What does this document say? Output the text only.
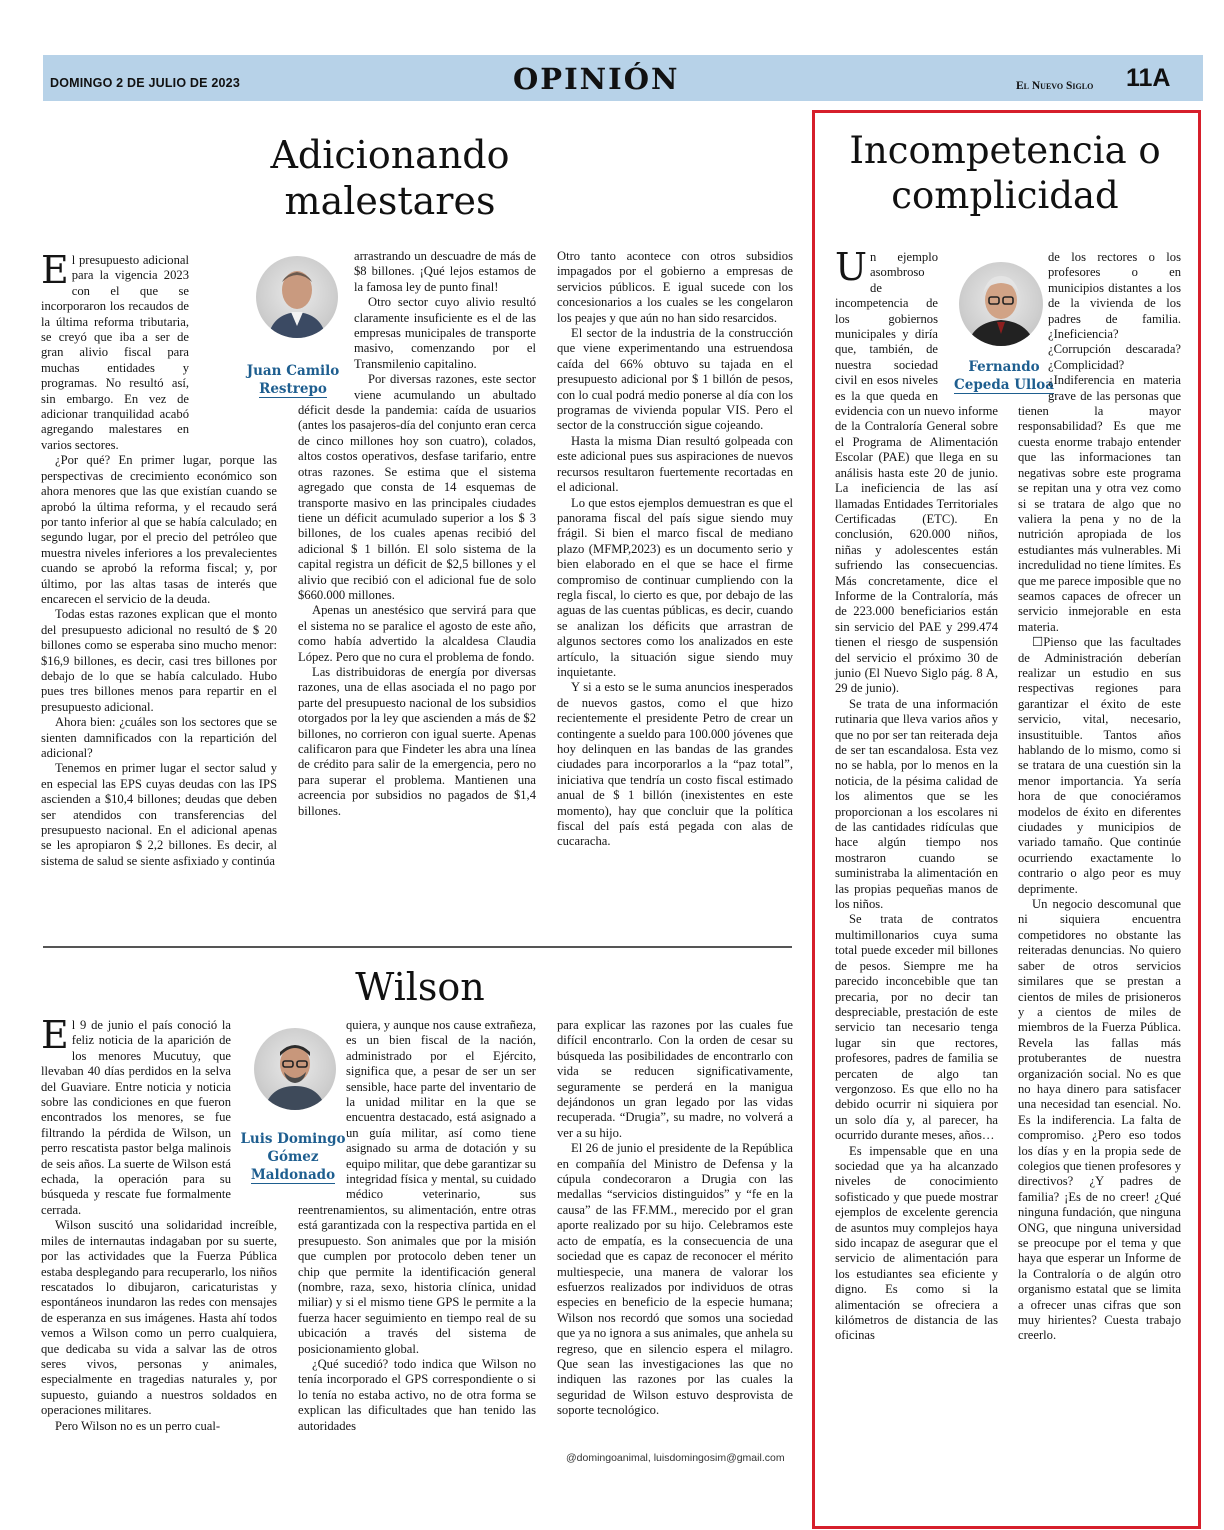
DOMINGO 2 DE JULIO DE 2023	OPINIÓN	El Nuevo Siglo 11A
Adicionando
malestares
Juan Camilo
Restrepo

El presupuesto adicional para la vigencia 2023 con el que se incorporaron los recaudos de la última reforma tributaria, se creyó que iba a ser de gran alivio fiscal para muchas entidades y programas. No resultó así, sin embargo. En vez de adicionar tranquilidad acabó agregando malestares en varios sectores.

¿Por qué? En primer lugar, porque las perspectivas de crecimiento económico son ahora menores que las que existían cuando se aprobó la última reforma, y el recaudo será por tanto inferior al que se había calculado; en segundo lugar, por el precio del petróleo que muestra niveles inferiores a los prevalecientes cuando se aprobó la reforma fiscal; y, por último, por las altas tasas de interés que encarecen el servicio de la deuda.

Todas estas razones explican que el monto del presupuesto adicional no resultó de $ 20 billones como se esperaba sino mucho menor: $16,9 billones, es decir, casi tres billones por debajo de lo que se había calculado. Hubo pues tres billones menos para repartir en el presupuesto adicional.

Ahora bien: ¿cuáles son los sectores que se sienten damnificados con la repartición del adicional?

Tenemos en primer lugar el sector salud y en especial las EPS cuyas deudas con las IPS ascienden a $10,4 billones; deudas que deben ser atendidos con transferencias del presupuesto nacional. En el adicional apenas se les apropiaron $ 2,2 billones. Es decir, al sistema de salud se siente asfixiado y continúa

arrastrando un descuadre de más de $8 billones. ¡Qué lejos estamos de la famosa ley de punto final!

Otro sector cuyo alivio resultó claramente insuficiente es el de las empresas municipales de transporte masivo, comenzando por el Transmilenio capitalino.

Por diversas razones, este sector viene acumulando un abultado déficit desde la pandemia: caída de usuarios (antes los pasajeros-día del conjunto eran cerca de cinco millones hoy son cuatro), colados, altos costos operativos, desfase tarifario, entre otras razones. Se estima que el sistema agregado que consta de 14 esquemas de transporte masivo en las principales ciudades tiene un déficit acumulado superior a los $ 3 billones, de los cuales apenas recibió del adicional $ 1 billón. El solo sistema de la capital registra un déficit de $2,5 billones y el alivio que recibió con el adicional fue de solo $660.000 millones.

Apenas un anestésico que servirá para que el sistema no se paralice el agosto de este año, como había advertido la alcaldesa Claudia López. Pero que no cura el problema de fondo.

Las distribuidoras de energía por diversas razones, una de ellas asociada el no pago por parte del presupuesto nacional de los subsidios otorgados por la ley que ascienden a más de $2 billones, no corrieron con igual suerte. Apenas calificaron para que Findeter les abra una línea de crédito para salir de la emergencia, pero no para superar el problema. Mantienen una acreencia por subsidios no pagados de $1,4 billones.

Otro tanto acontece con otros subsidios impagados por el gobierno a empresas de servicios públicos. E igual sucede con los concesionarios a los cuales se les congelaron los peajes y que aún no han sido resarcidos.

El sector de la industria de la construcción que viene experimentando una estruendosa caída del 66% obtuvo su tajada en el presupuesto adicional por $ 1 billón de pesos, con lo cual podrá medio ponerse al día con los programas de vivienda popular VIS. Pero el sector de la construcción sigue cojeando.

Hasta la misma Dian resultó golpeada con este adicional pues sus aspiraciones de nuevos recursos resultaron fuertemente recortadas en el adicional.

Lo que estos ejemplos demuestran es que el panorama fiscal del país sigue siendo muy frágil. Si bien el marco fiscal de mediano plazo (MFMP,2023) es un documento serio y bien elaborado en el que se hace el firme compromiso de continuar cumpliendo con la regla fiscal, lo cierto es que, por debajo de las aguas de las cuentas públicas, es decir, cuando se analizan los déficits que arrastran de algunos sectores como los analizados en este artículo, la situación sigue siendo muy inquietante.

Y si a esto se le suma anuncios inesperados de nuevos gastos, como el que hizo recientemente el presidente Petro de crear un contingente a sueldo para 100.000 jóvenes que hoy delinquen en las bandas de las grandes ciudades para incorporarlos a la “paz total”, iniciativa que tendría un costo fiscal estimado anual de $ 1 billón (inexistentes en este momento), hay que concluir que la política fiscal del país está pegada con alas de cucaracha.

Wilson
Luis Domingo
Gómez
Maldonado

El 9 de junio el país conoció la feliz noticia de la aparición de los menores Mucutuy, que llevaban 40 días perdidos en la selva del Guaviare. Entre noticia y noticia sobre las condiciones en que fueron encontrados los menores, se fue filtrando la pérdida de Wilson, un perro rescatista pastor belga malinois de seis años. La suerte de Wilson está echada, la operación para su búsqueda y rescate fue formalmente cerrada.

Wilson suscitó una solidaridad increíble, miles de internautas indagaban por su suerte, por las actividades que la Fuerza Pública estaba desplegando para recuperarlo, los niños rescatados lo dibujaron, caricaturistas y espontáneos inundaron las redes con mensajes de esperanza en sus imágenes. Hasta ahí todos vemos a Wilson como un perro cualquiera, que dedicaba su vida a salvar las de otros seres vivos, personas y animales, especialmente en tragedias naturales y, por supuesto, guiando a nuestros soldados en operaciones militares.

Pero Wilson no es un perro cual-

quiera, y aunque nos cause extrañeza, es un bien fiscal de la nación, administrado por el Ejército, significa que, a pesar de ser un ser sensible, hace parte del inventario de la unidad militar en la que se encuentra destacado, está asignado a un guía militar, así como tiene asignado su arma de dotación y su equipo militar, que debe garantizar su integridad física y mental, su cuidado médico veterinario, sus reentrenamientos, su alimentación, entre otras está garantizada con la respectiva partida en el presupuesto. Son animales que por la misión que cumplen por protocolo deben tener un chip que permite la identificación general (nombre, raza, sexo, historia clínica, unidad miliar) y si el mismo tiene GPS le permite a la fuerza hacer seguimiento en tiempo real de su ubicación a través del sistema de posicionamiento global.

¿Qué sucedió? todo indica que Wilson no tenía incorporado el GPS correspondiente o si lo tenía no estaba activo, no de otra forma se explican las dificultades que han tenido las autoridades

para explicar las razones por las cuales fue difícil encontrarlo. Con la orden de cesar su búsqueda las posibilidades de encontrarlo con vida se reducen significativamente, seguramente se perderá en la manigua dejándonos un gran legado por las vidas recuperada. “Drugia”, su madre, no volverá a ver a su hijo.

El 26 de junio el presidente de la República en compañía del Ministro de Defensa y la cúpula condecoraron a Drugia con las medallas “servicios distinguidos” y “fe en la causa” de las FF.MM., merecido por el gran aporte realizado por su hijo. Celebramos este acto de empatía, es la consecuencia de una sociedad que es capaz de reconocer el mérito multiespecie, una manera de valorar los esfuerzos realizados por individuos de otras especies en beneficio de la especie humana; Wilson nos recordó que somos una sociedad que ya no ignora a sus animales, que anhela su regreso, que en silencio espera el milagro. Que sean las investigaciones las que no indiquen las razones por las cuales la seguridad de Wilson estuvo desprovista de soporte tecnológico.

@domingoanimal, luisdomingosim@gmail.com
Incompetencia o
complicidad
Fernando
Cepeda Ulloa

Un ejemplo asombroso de incompetencia de los gobiernos municipales y diría que, también, de nuestra sociedad civil en esos niveles es la que queda en evidencia con un nuevo informe de la Contraloría General sobre el Programa de Alimentación Escolar (PAE) que llega en su análisis hasta este 20 de junio. La ineficiencia de las así llamadas Entidades Territoriales Certificadas (ETC). En conclusión, 620.000 niños, niñas y adolescentes están sufriendo las consecuencias. Más concretamente, dice el Informe de la Contraloría, más de 223.000 beneficiarios están sin servicio del PAE y 299.474 tienen el riesgo de suspensión del servicio el próximo 30 de junio (El Nuevo Siglo pág. 8 A, 29 de junio).

Se trata de una información rutinaria que lleva varios años y que no por ser tan reiterada deja de ser tan escandalosa. Esta vez no se habla, por lo menos en la noticia, de la pésima calidad de los alimentos que se les proporcionan a los escolares ni de las cantidades ridículas que hace algún tiempo nos mostraron cuando se suministraba la alimentación en las propias pequeñas manos de los niños.

Se trata de contratos multimillonarios cuya suma total puede exceder mil billones de pesos. Siempre me ha parecido inconcebible que tan precaria, por no decir tan despreciable, prestación de este servicio tan necesario tenga lugar sin que rectores, profesores, padres de familia se percaten de algo tan vergonzoso. Es que ello no ha debido ocurrir ni siquiera por un solo día y, al parecer, ha ocurrido durante meses, años…

Es impensable que en una sociedad que ya ha alcanzado niveles de conocimiento sofisticado y que puede mostrar ejemplos de excelente gerencia de asuntos muy complejos haya sido incapaz de asegurar que el servicio de alimentación para los estudiantes sea eficiente y digno. Es como si la alimentación se ofreciera a kilómetros de distancia de las oficinas

de los rectores o los profesores o en municipios distantes a los de la vivienda de los padres de familia. ¿Ineficiencia? ¿Corrupción descarada? ¿Complicidad? ¿Indiferencia en materia grave de las personas que tienen la mayor responsabilidad? Es que me cuesta enorme trabajo entender que las informaciones tan negativas sobre este programa se repitan una y otra vez como si se tratara de algo que no valiera la pena y no de la nutrición apropiada de los estudiantes más vulnerables. Mi incredulidad no tiene límites. Es que me parece imposible que no seamos capaces de ofrecer un servicio inmejorable en esta materia.

☐Pienso que las facultades de Administración deberían realizar un estudio en sus respectivas regiones para garantizar el éxito de este servicio, vital, necesario, insustituible. Tantos años hablando de lo mismo, como si se tratara de una cuestión sin la menor importancia. Ya sería hora de que conociéramos modelos de éxito en diferentes ciudades y municipios de variado tamaño. Que continúe ocurriendo exactamente lo contrario o algo peor es muy deprimente.

Un negocio descomunal que ni siquiera encuentra competidores no obstante las reiteradas denuncias. No quiero saber de otros servicios similares que se prestan a cientos de miles de prisioneros y a cientos de miles de miembros de la Fuerza Pública. Revela las fallas más protuberantes de nuestra organización social. No es que no haya dinero para satisfacer una necesidad tan esencial. No. Es la indiferencia. La falta de compromiso. ¿Pero eso todos los días y en la propia sede de colegios que tienen profesores y directivos? ¿Y padres de familia? ¡Es de no creer! ¿Qué ninguna fundación, que ninguna ONG, que ninguna universidad se preocupe por el tema y que haya que esperar un Informe de la Contraloría o de algún otro organismo estatal que se limita a ofrecer unas cifras que son muy hirientes? Cuesta trabajo creerlo.
